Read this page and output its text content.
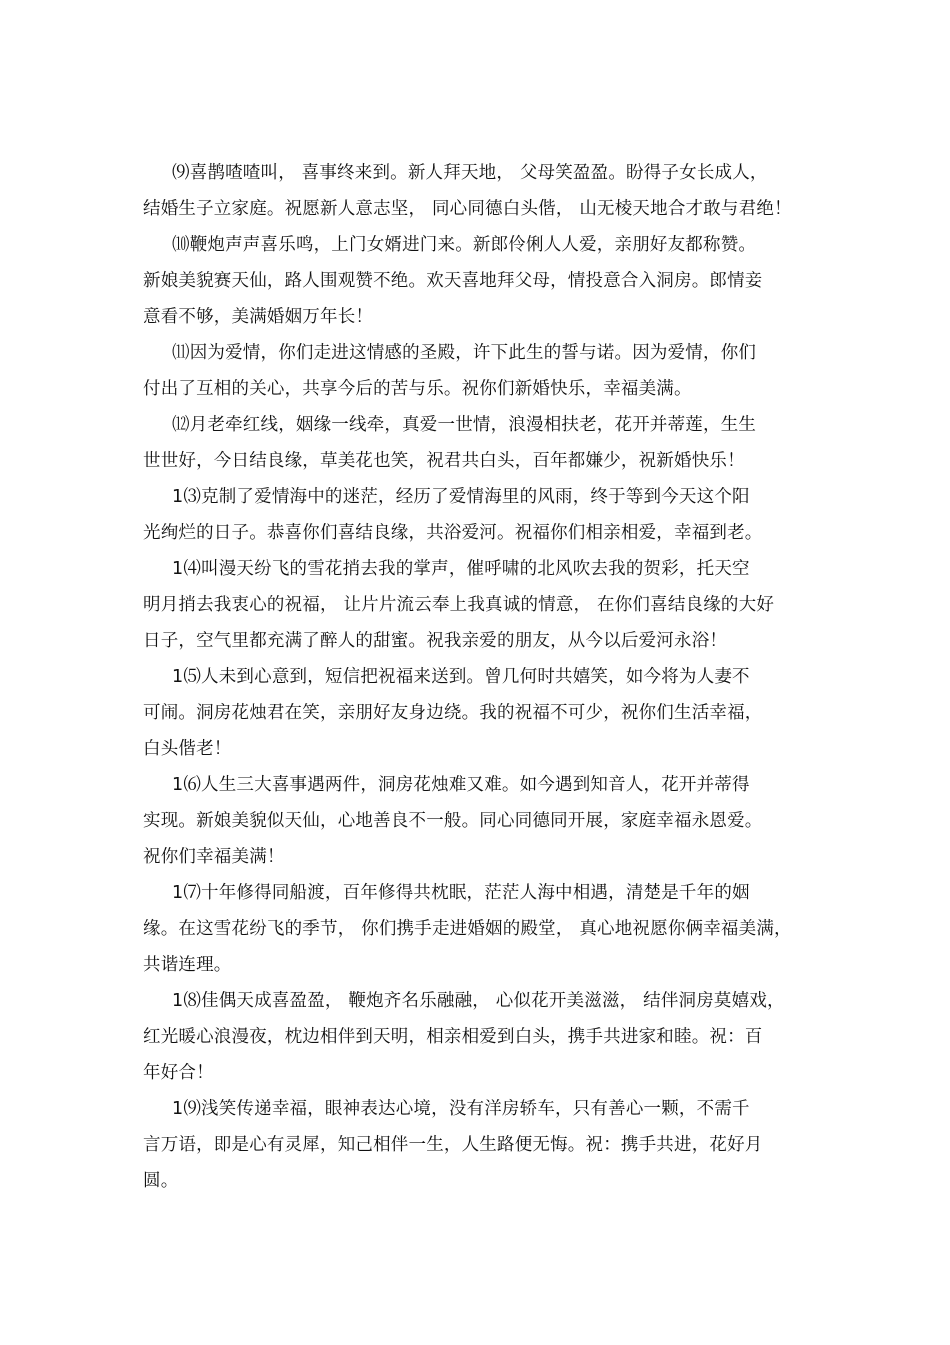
⑼喜鹊喳喳叫， 喜事终来到。新人拜天地， 父母笑盈盈。盼得子女长成人，
结婚生子立家庭。祝愿新人意志坚， 同心同德白头偕， 山无棱天地合才敢与君绝！
⑽鞭炮声声喜乐鸣，上门女婿进门来。新郎伶俐人人爱，亲朋好友都称赞。
新娘美貌赛天仙，路人围观赞不绝。欢天喜地拜父母，情投意合入洞房。郎情妾
意看不够，美满婚姻万年长！
⑾因为爱情，你们走进这情感的圣殿，许下此生的誓与诺。因为爱情，你们
付出了互相的关心，共享今后的苦与乐。祝你们新婚快乐，幸福美满。
⑿月老牵红线，姻缘一线牵，真爱一世情，浪漫相扶老，花开并蒂莲，生生
世世好，今日结良缘，草美花也笑，祝君共白头，百年都嫌少，祝新婚快乐！
1⑶克制了爱情海中的迷茫，经历了爱情海里的风雨，终于等到今天这个阳
光绚烂的日子。恭喜你们喜结良缘，共浴爱河。祝福你们相亲相爱，幸福到老。
1⑷叫漫天纷飞的雪花捎去我的掌声，催呼啸的北风吹去我的贺彩，托天空
明月捎去我衷心的祝福， 让片片流云奉上我真诚的情意， 在你们喜结良缘的大好
日子，空气里都充满了醉人的甜蜜。祝我亲爱的朋友，从今以后爱河永浴！
1⑸人未到心意到，短信把祝福来送到。曾几何时共嬉笑，如今将为人妻不
可闹。洞房花烛君在笑，亲朋好友身边绕。我的祝福不可少，祝你们生活幸福，
白头偕老！
1⑹人生三大喜事遇两件，洞房花烛难又难。如今遇到知音人，花开并蒂得
实现。新娘美貌似天仙，心地善良不一般。同心同德同开展，家庭幸福永恩爱。
祝你们幸福美满！
1⑺十年修得同船渡，百年修得共枕眠，茫茫人海中相遇，清楚是千年的姻
缘。在这雪花纷飞的季节， 你们携手走进婚姻的殿堂， 真心地祝愿你俩幸福美满，
共谐连理。
1⑻佳偶天成喜盈盈， 鞭炮齐名乐融融， 心似花开美滋滋， 结伴洞房莫嬉戏，
红光暖心浪漫夜，枕边相伴到天明，相亲相爱到白头，携手共进家和睦。祝：百
年好合！
1⑼浅笑传递幸福，眼神表达心境，没有洋房轿车，只有善心一颗，不需千
言万语，即是心有灵犀，知己相伴一生，人生路便无悔。祝：携手共进，花好月
圆。
